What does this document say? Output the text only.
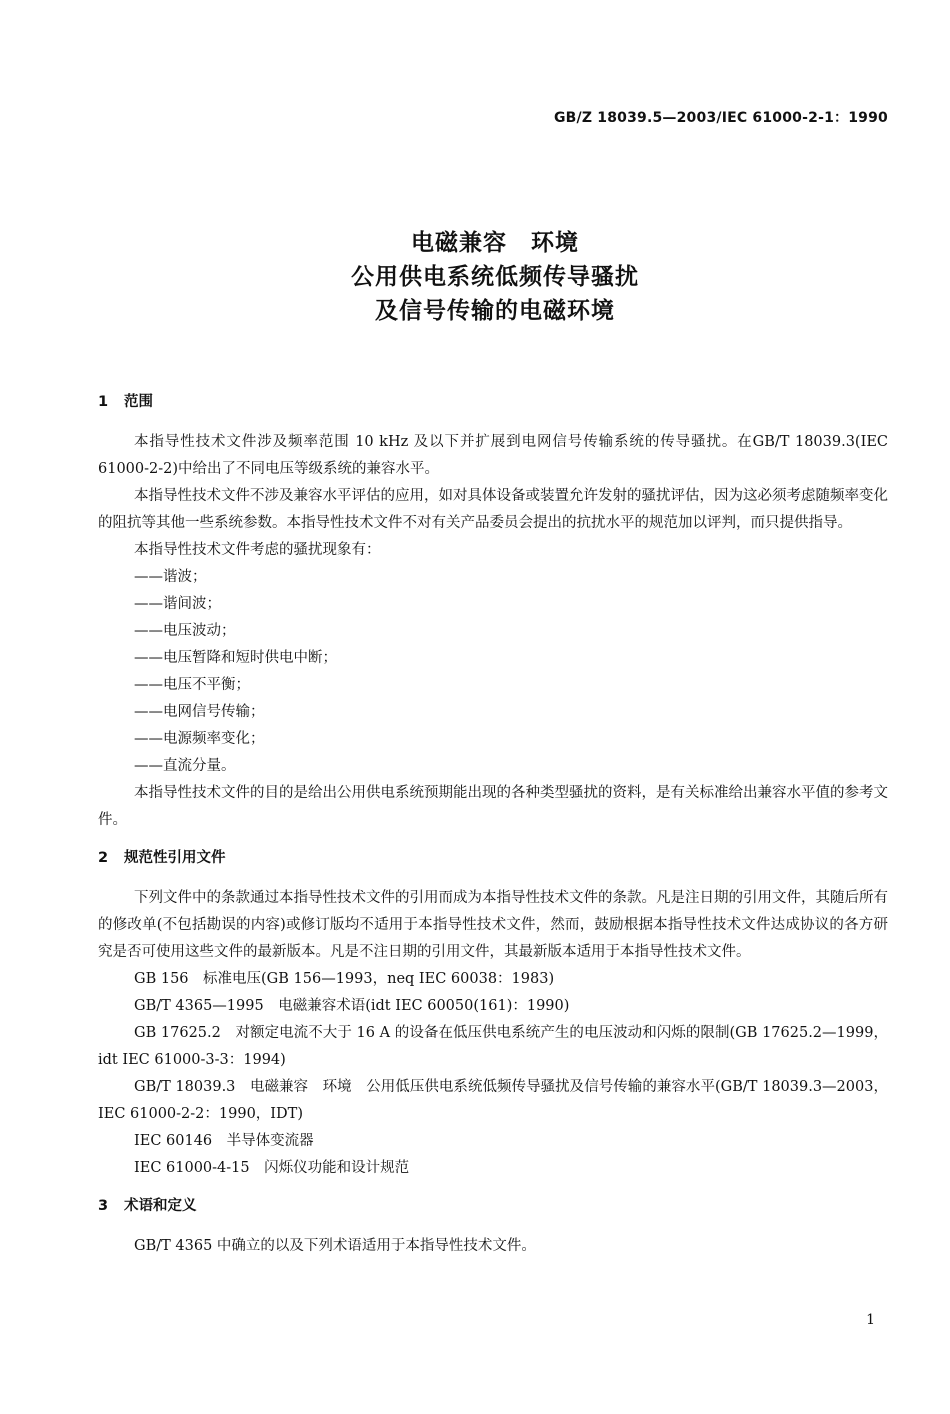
GB/Z 18039.5—2003/IEC 61000-2-1：1990
电磁兼容　环境
公用供电系统低频传导骚扰
及信号传输的电磁环境
1 范围

本指导性技术文件涉及频率范围 10 kHz 及以下并扩展到电网信号传输系统的传导骚扰。在GB/T 18039.3(IEC 61000-2-2)中给出了不同电压等级系统的兼容水平。

本指导性技术文件不涉及兼容水平评估的应用，如对具体设备或装置允许发射的骚扰评估，因为这必须考虑随频率变化的阻抗等其他一些系统参数。本指导性技术文件不对有关产品委员会提出的抗扰水平的规范加以评判，而只提供指导。

本指导性技术文件考虑的骚扰现象有：

——谐波；

——谐间波；

——电压波动；

——电压暂降和短时供电中断；

——电压不平衡；

——电网信号传输；

——电源频率变化；

——直流分量。

本指导性技术文件的目的是给出公用供电系统预期能出现的各种类型骚扰的资料，是有关标准给出兼容水平值的参考文件。

2 规范性引用文件

下列文件中的条款通过本指导性技术文件的引用而成为本指导性技术文件的条款。凡是注日期的引用文件，其随后所有的修改单(不包括勘误的内容)或修订版均不适用于本指导性技术文件，然而，鼓励根据本指导性技术文件达成协议的各方研究是否可使用这些文件的最新版本。凡是不注日期的引用文件，其最新版本适用于本指导性技术文件。

GB 156　标准电压(GB 156—1993，neq IEC 60038：1983)

GB/T 4365—1995　电磁兼容术语(idt IEC 60050(161)：1990)

GB 17625.2　对额定电流不大于 16 A 的设备在低压供电系统产生的电压波动和闪烁的限制(GB 17625.2—1999，idt IEC 61000-3-3：1994)

GB/T 18039.3　电磁兼容　环境　公用低压供电系统低频传导骚扰及信号传输的兼容水平(GB/T 18039.3—2003，IEC 61000-2-2：1990，IDT)

IEC 60146　半导体变流器

IEC 61000-4-15　闪烁仪功能和设计规范

3 术语和定义

GB/T 4365 中确立的以及下列术语适用于本指导性技术文件。

1
